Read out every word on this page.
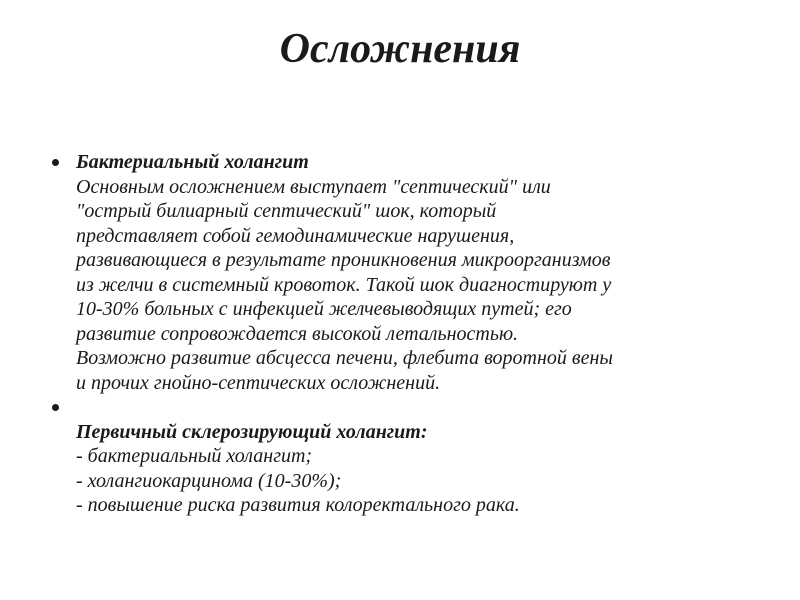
Осложнения
Бактериальный холангит
Основным осложнением выступает "септический" или
"острый билиарный септический" шок, который
представляет собой гемодинамические нарушения,
развивающиеся в результате проникновения микроорганизмов
из желчи в системный кровоток. Такой шок диагностируют у
10-30% больных с инфекцией желчевыводящих путей; его
развитие сопровождается высокой летальностью.
Возможно развитие абсцесса печени, флебита воротной вены
и прочих гнойно-септических осложнений.
Первичный склерозирующий холангит:
- бактериальный холангит;
- холангиокарцинома (10-30%);
- повышение риска развития колоректального рака.
